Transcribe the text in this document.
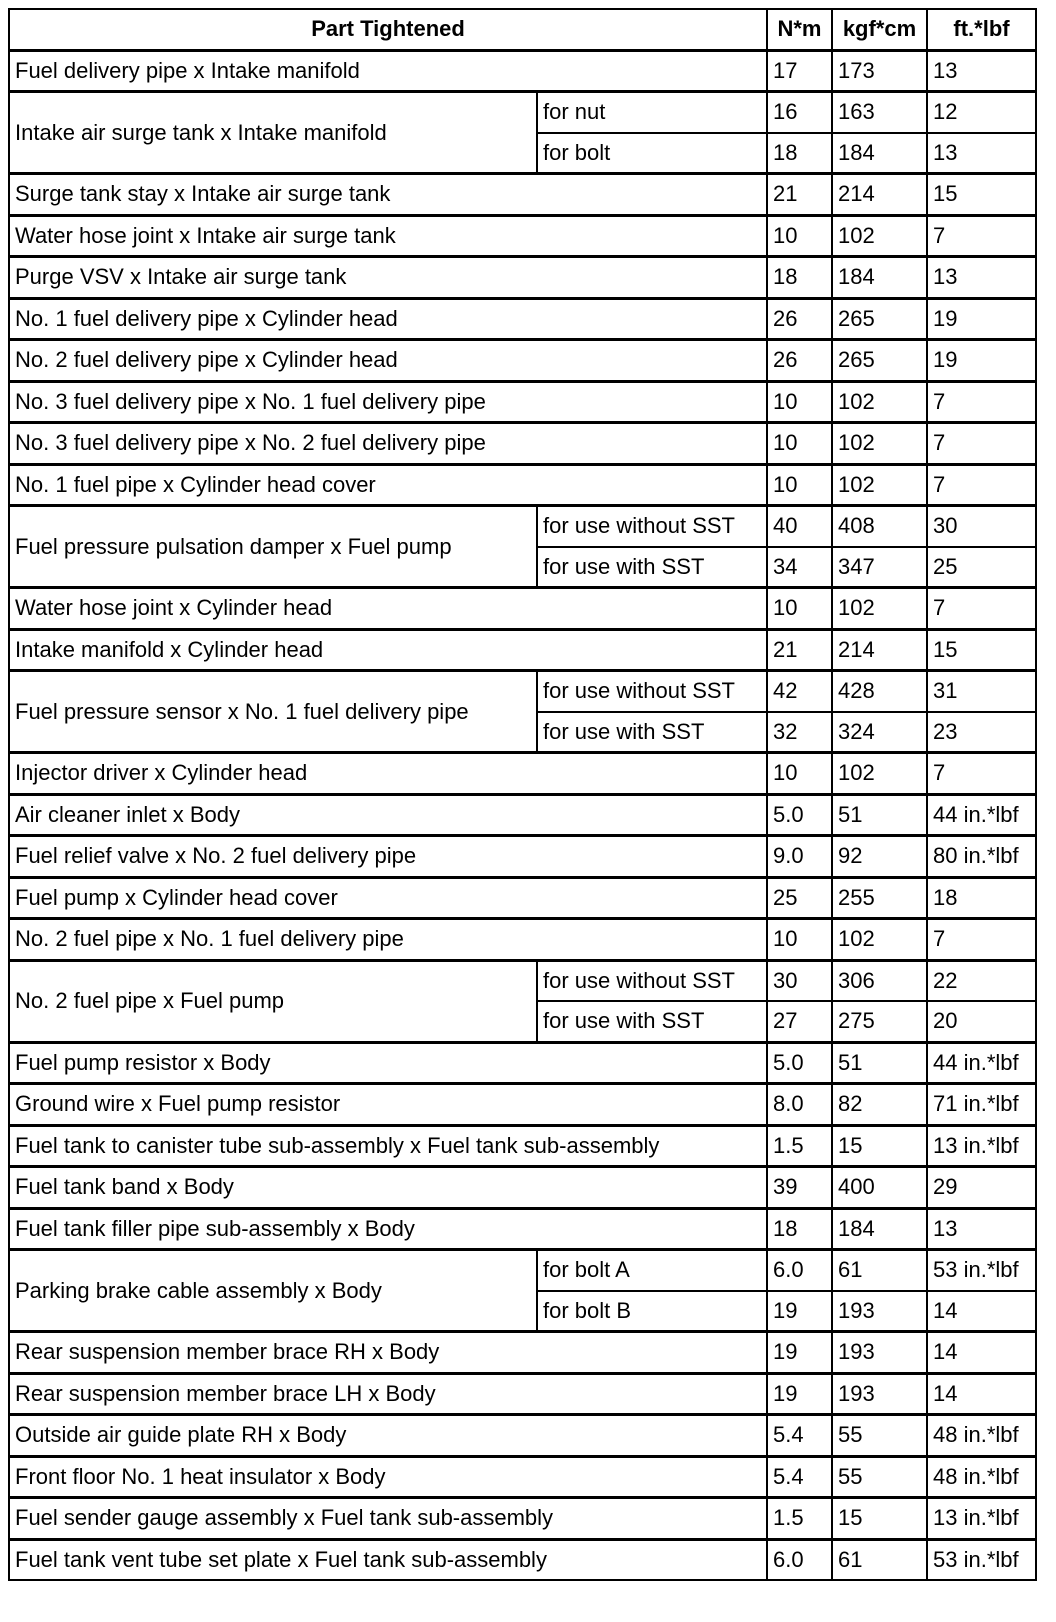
Part Tightened		N*m	kgf*cm	ft.*lbf
Fuel delivery pipe x Intake manifold		17	173	13
Intake air surge tank x Intake manifold	for nut	16	163	12
	for bolt	18	184	13
Surge tank stay x Intake air surge tank		21	214	15
Water hose joint x Intake air surge tank		10	102	7
Purge VSV x Intake air surge tank		18	184	13
No. 1 fuel delivery pipe x Cylinder head		26	265	19
No. 2 fuel delivery pipe x Cylinder head		26	265	19
No. 3 fuel delivery pipe x No. 1 fuel delivery pipe		10	102	7
No. 3 fuel delivery pipe x No. 2 fuel delivery pipe		10	102	7
No. 1 fuel pipe x Cylinder head cover		10	102	7
Fuel pressure pulsation damper x Fuel pump	for use without SST	40	408	30
	for use with SST	34	347	25
Water hose joint x Cylinder head		10	102	7
Intake manifold x Cylinder head		21	214	15
Fuel pressure sensor x No. 1 fuel delivery pipe	for use without SST	42	428	31
	for use with SST	32	324	23
Injector driver x Cylinder head		10	102	7
Air cleaner inlet x Body		5.0	51	44 in.*lbf
Fuel relief valve x No. 2 fuel delivery pipe		9.0	92	80 in.*lbf
Fuel pump x Cylinder head cover		25	255	18
No. 2 fuel pipe x No. 1 fuel delivery pipe		10	102	7
No. 2 fuel pipe x Fuel pump	for use without SST	30	306	22
	for use with SST	27	275	20
Fuel pump resistor x Body		5.0	51	44 in.*lbf
Ground wire x Fuel pump resistor		8.0	82	71 in.*lbf
Fuel tank to canister tube sub-assembly x Fuel tank sub-assembly		1.5	15	13 in.*lbf
Fuel tank band x Body		39	400	29
Fuel tank filler pipe sub-assembly x Body		18	184	13
Parking brake cable assembly x Body	for bolt A	6.0	61	53 in.*lbf
	for bolt B	19	193	14
Rear suspension member brace RH x Body		19	193	14
Rear suspension member brace LH x Body		19	193	14
Outside air guide plate RH x Body		5.4	55	48 in.*lbf
Front floor No. 1 heat insulator x Body		5.4	55	48 in.*lbf
Fuel sender gauge assembly x Fuel tank sub-assembly		1.5	15	13 in.*lbf
Fuel tank vent tube set plate x Fuel tank sub-assembly		6.0	61	53 in.*lbf
